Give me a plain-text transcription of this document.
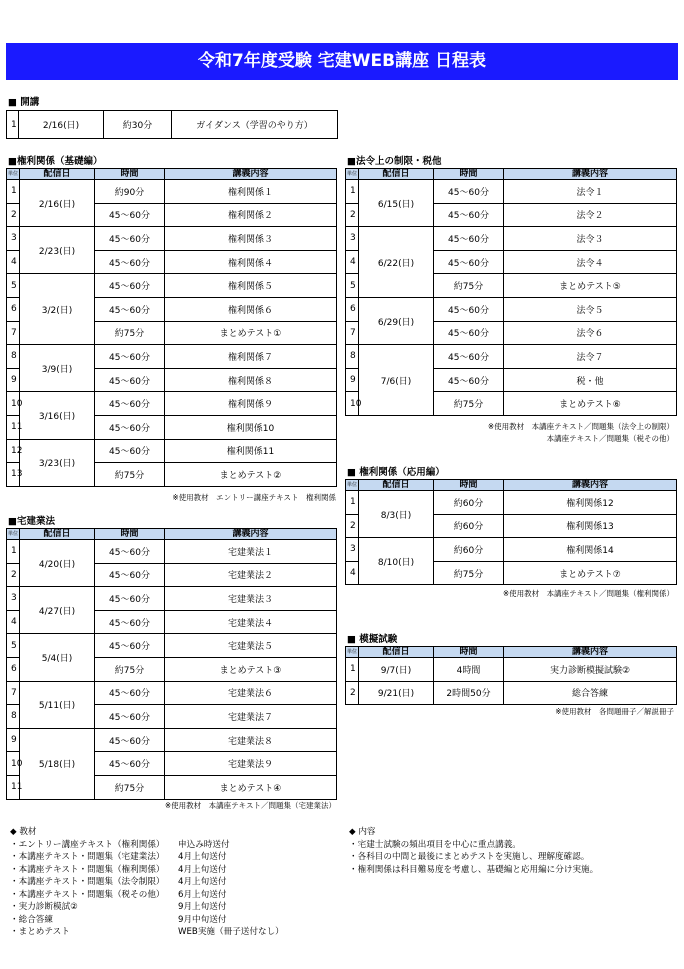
令和7年度受験 宅建WEB講座 日程表
■ 開講
1	2/16(日)	約30分	ガイダンス（学習のやり方）
■権利関係（基礎編）
単位	配信日	時間	講義内容
1	2/16(日)	約90分	権利関係１
2		45～60分	権利関係２
3	2/23(日)	45～60分	権利関係３
4		45～60分	権利関係４
5	3/2(日)	45～60分	権利関係５
6		45～60分	権利関係６
7		約75分	まとめテスト①
8	3/9(日)	45～60分	権利関係７
9		45～60分	権利関係８
10	3/16(日)	45～60分	権利関係９
11		45～60分	権利関係10
12	3/23(日)	45～60分	権利関係11
13		約75分	まとめテスト②
※使用教材　エントリー講座テキスト　権利関係
■宅建業法
単位	配信日	時間	講義内容
1	4/20(日)	45～60分	宅建業法１
2		45～60分	宅建業法２
3	4/27(日)	45～60分	宅建業法３
4		45～60分	宅建業法４
5	5/4(日)	45～60分	宅建業法５
6		約75分	まとめテスト③
7	5/11(日)	45～60分	宅建業法６
8		45～60分	宅建業法７
9	5/18(日)	45～60分	宅建業法８
10		45～60分	宅建業法９
11		約75分	まとめテスト④
※使用教材　本講座テキスト／問題集（宅建業法）
■法令上の制限・税他
単位	配信日	時間	講義内容
1	6/15(日)	45～60分	法令１
2		45～60分	法令２
3	6/22(日)	45～60分	法令３
4		45～60分	法令４
5		約75分	まとめテスト⑤
6	6/29(日)	45～60分	法令５
7		45～60分	法令６
8	7/6(日)	45～60分	法令７
9		45～60分	税・他
10		約75分	まとめテスト⑥
※使用教材　本講座テキスト／問題集（法令上の制限）
本講座テキスト／問題集（税その他）
■ 権利関係（応用編）
単位	配信日	時間	講義内容
1	8/3(日)	約60分	権利関係12
2		約60分	権利関係13
3	8/10(日)	約60分	権利関係14
4		約75分	まとめテスト⑦
※使用教材　本講座テキスト／問題集（権利関係）
■ 模擬試験
単位	配信日	時間	講義内容
1	9/7(日)	4時間	実力診断模擬試験②
2	9/21(日)	2時間50分	総合答練
※使用教材　各問題冊子／解説冊子
◆ 教材
・エントリー講座テキスト（権利関係）	申込み時送付
・本講座テキスト・問題集（宅建業法）	4月上旬送付
・本講座テキスト・問題集（権利関係）	4月上旬送付
・本講座テキスト・問題集（法令制限）	4月上旬送付
・本講座テキスト・問題集（税その他）	6月上旬送付
・実力診断模試②	9月上旬送付
・総合答練	9月中旬送付
・まとめテスト	WEB実施（冊子送付なし）
◆ 内容
・宅建士試験の頻出項目を中心に重点講義。
・各科目の中間と最後にまとめテストを実施し、理解度確認。
・権利関係は科目難易度を考慮し、基礎編と応用編に分け実施。
